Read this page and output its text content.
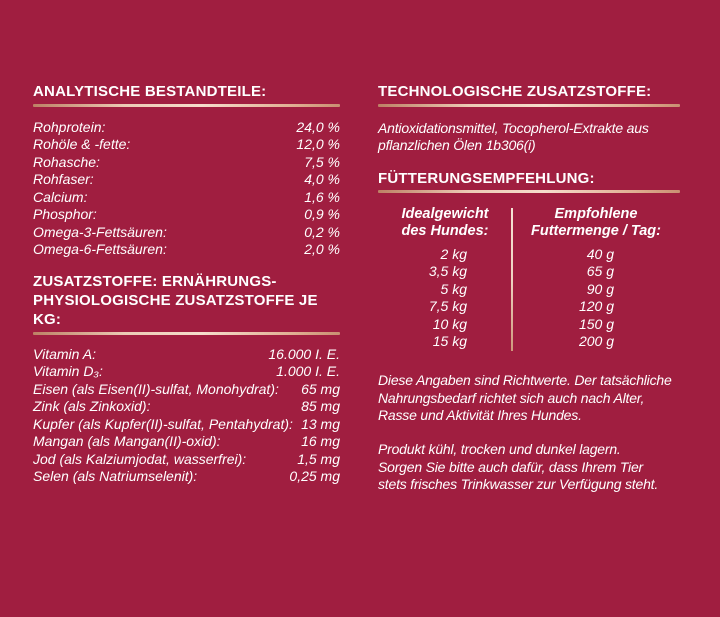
ANALYTISCHE BESTANDTEILE:
Rohprotein:	24,0 %
Rohöle & -fette:	12,0 %
Rohasche:	7,5 %
Rohfaser:	4,0 %
Calcium:	1,6 %
Phosphor:	0,9 %
Omega-3-Fettsäuren:	0,2 %
Omega-6-Fettsäuren:	2,0 %
ZUSATZSTOFFE: ERNÄHRUNGS-
PHYSIOLOGISCHE ZUSATZSTOFFE JE KG:
Vitamin A:	16.000 I. E.
Vitamin D₃:	1.000 I. E.
Eisen (als Eisen(II)-sulfat, Monohydrat): 65 mg
Zink (als Zinkoxid):	85 mg
Kupfer (als Kupfer(II)-sulfat, Pentahydrat): 13 mg
Mangan (als Mangan(II)-oxid):	16 mg
Jod (als Kalziumjodat, wasserfrei):	1,5 mg
Selen (als Natriumselenit):	0,25 mg
TECHNOLOGISCHE ZUSATZSTOFFE:
Antioxidationsmittel, Tocopherol-Extrakte aus
pflanzlichen Ölen 1b306(i)
FÜTTERUNGSEMPFEHLUNG:
Idealgewicht
des Hundes:
Empfohlene
Futtermenge / Tag:
2 kg	40 g
3,5 kg	65 g
5 kg	90 g
7,5 kg	120 g
10 kg	150 g
15 kg	200 g
Diese Angaben sind Richtwerte. Der tatsächliche
Nahrungsbedarf richtet sich auch nach Alter,
Rasse und Aktivität Ihres Hundes.
Produkt kühl, trocken und dunkel lagern.
Sorgen Sie bitte auch dafür, dass Ihrem Tier
stets frisches Trinkwasser zur Verfügung steht.
